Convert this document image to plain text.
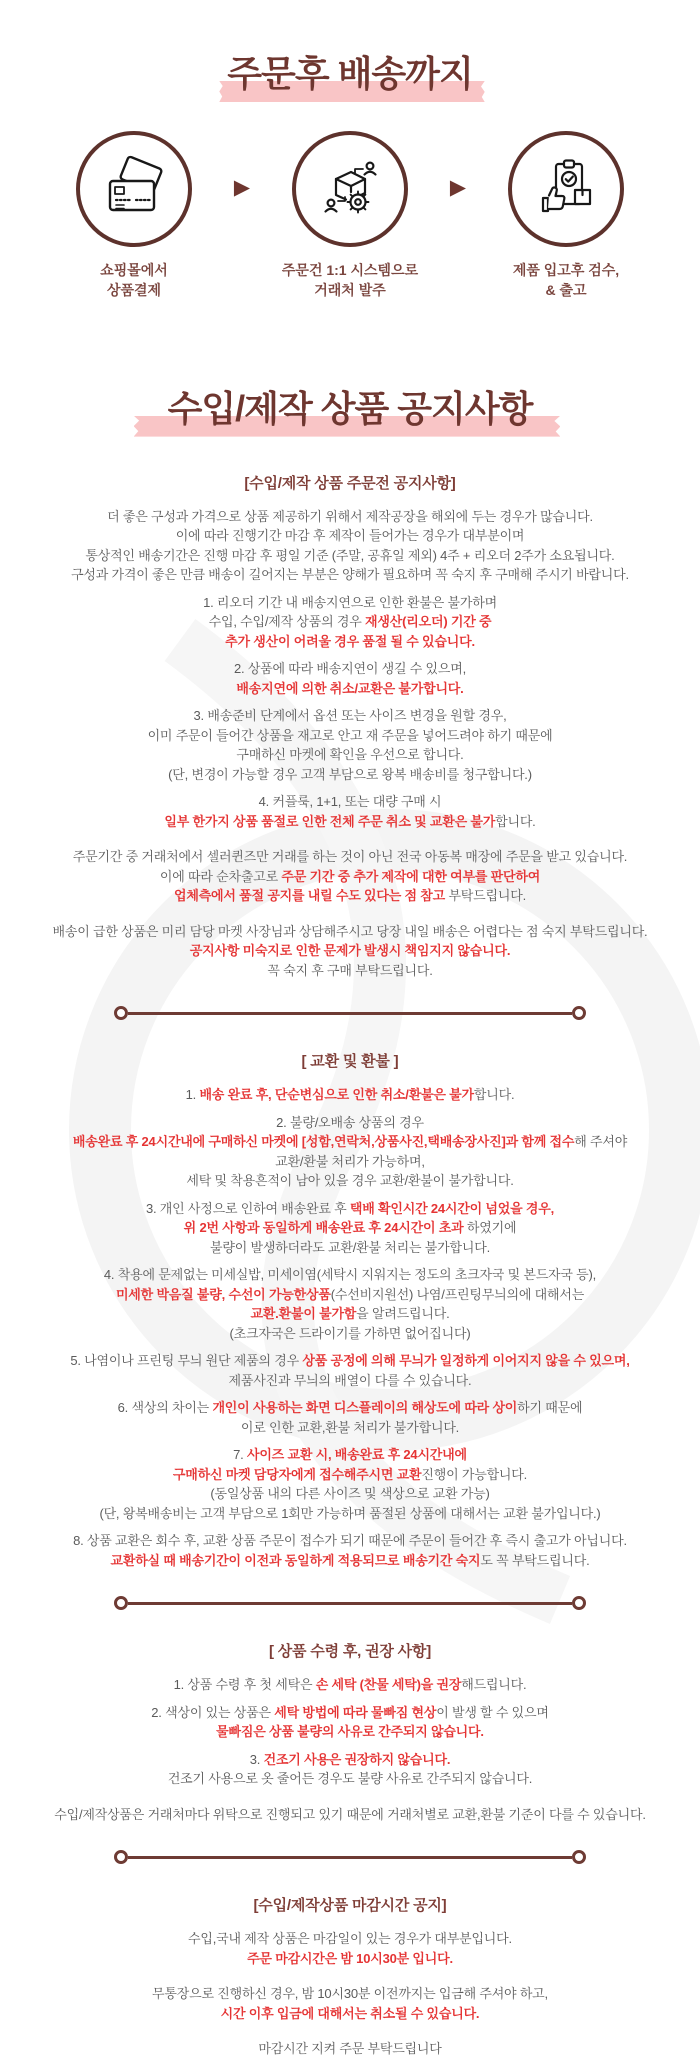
주문후 배송까지

쇼핑몰에서
상품결제

▶

주문건 1:1 시스템으로
거래처 발주

▶

제품 입고후 검수,
& 출고

수입/제작 상품 공지사항
[수입/제작 상품 주문전 공지사항]

더 좋은 구성과 가격으로 상품 제공하기 위해서 제작공장을 해외에 두는 경우가 많습니다.
이에 따라 진행기간 마감 후 제작이 들어가는 경우가 대부분이며
통상적인 배송기간은 진행 마감 후 평일 기준 (주말, 공휴일 제외) 4주 + 리오더 2주가 소요됩니다.
구성과 가격이 좋은 만큼 배송이 길어지는 부분은 양해가 필요하며 꼭 숙지 후 구매해 주시기 바랍니다.

1. 리오더 기간 내 배송지연으로 인한 환불은 불가하며
수입, 수입/제작 상품의 경우 재생산(리오더) 기간 중
추가 생산이 어려울 경우 품절 될 수 있습니다.

2. 상품에 따라 배송지연이 생길 수 있으며,
배송지연에 의한 취소/교환은 불가합니다.

3. 배송준비 단계에서 옵션 또는 사이즈 변경을 원할 경우,
이미 주문이 들어간 상품을 재고로 안고 재 주문을 넣어드려야 하기 때문에
구매하신 마켓에 확인을 우선으로 합니다.
(단, 변경이 가능할 경우 고객 부담으로 왕복 배송비를 청구합니다.)

4. 커플룩, 1+1, 또는 대량 구매 시
일부 한가지 상품 품절로 인한 전체 주문 취소 및 교환은 불가합니다.

주문기간 중 거래처에서 셀러퀸즈만 거래를 하는 것이 아닌 전국 아동복 매장에 주문을 받고 있습니다.
이에 따라 순차출고로 주문 기간 중 추가 제작에 대한 여부를 판단하여
업체측에서 품절 공지를 내릴 수도 있다는 점 참고 부탁드립니다.

배송이 급한 상품은 미리 담당 마켓 사장님과 상담해주시고 당장 내일 배송은 어렵다는 점 숙지 부탁드립니다.
공지사항 미숙지로 인한 문제가 발생시 책임지지 않습니다.
꼭 숙지 후 구매 부탁드립니다.

[ 교환 및 환불 ]

1. 배송 완료 후, 단순변심으로 인한 취소/환불은 불가합니다.

2. 불량/오배송 상품의 경우
배송완료 후 24시간내에 구매하신 마켓에 [성함,연락처,상품사진,택배송장사진]과 함께 접수해 주셔야
교환/환불 처리가 가능하며,
세탁 및 착용흔적이 남아 있을 경우 교환/환불이 불가합니다.

3. 개인 사정으로 인하여 배송완료 후 택배 확인시간 24시간이 넘었을 경우,
위 2번 사항과 동일하게 배송완료 후 24시간이 초과 하였기에
불량이 발생하더라도 교환/환불 처리는 불가합니다.

4. 착용에 문제없는 미세실밥, 미세이염(세탁시 지워지는 정도의 초크자국 및 본드자국 등),
미세한 박음질 불량, 수선이 가능한상품(수선비지원선) 나염/프린팅무늬의에 대해서는
교환.환불이 불가함을 알려드립니다.
(초크자국은 드라이기를 가하면 없어집니다)

5. 나염이나 프린팅 무늬 원단 제품의 경우 상품 공정에 의해 무늬가 일정하게 이어지지 않을 수 있으며,
제품사진과 무늬의 배열이 다를 수 있습니다.

6. 색상의 차이는 개인이 사용하는 화면 디스플레이의 해상도에 따라 상이하기 때문에
이로 인한 교환,환불 처리가 불가합니다.

7. 사이즈 교환 시, 배송완료 후 24시간내에
구매하신 마켓 담당자에게 접수해주시면 교환진행이 가능합니다.
(동일상품 내의 다른 사이즈 및 색상으로 교환 가능)
(단, 왕복배송비는 고객 부담으로 1회만 가능하며 품절된 상품에 대해서는 교환 불가입니다.)

8. 상품 교환은 회수 후, 교환 상품 주문이 접수가 되기 때문에 주문이 들어간 후 즉시 출고가 아닙니다.
교환하실 때 배송기간이 이전과 동일하게 적용되므로 배송기간 숙지도 꼭 부탁드립니다.

[ 상품 수령 후, 권장 사항]

1. 상품 수령 후 첫 세탁은 손 세탁 (찬물 세탁)을 권장해드립니다.

2. 색상이 있는 상품은 세탁 방법에 따라 물빠짐 현상이 발생 할 수 있으며
물빠짐은 상품 불량의 사유로 간주되지 않습니다.

3. 건조기 사용은 권장하지 않습니다.
건조기 사용으로 옷 줄어든 경우도 불량 사유로 간주되지 않습니다.

수입/제작상품은 거래처마다 위탁으로 진행되고 있기 때문에 거래처별로 교환,환불 기준이 다를 수 있습니다.

[수입/제작상품 마감시간 공지]

수입,국내 제작 상품은 마감일이 있는 경우가 대부분입니다.
주문 마감시간은 밤 10시30분 입니다.

무통장으로 진행하신 경우, 밤 10시30분 이전까지는 입금해 주셔야 하고,
시간 이후 입금에 대해서는 취소될 수 있습니다.

마감시간 지켜 주문 부탁드립니다
